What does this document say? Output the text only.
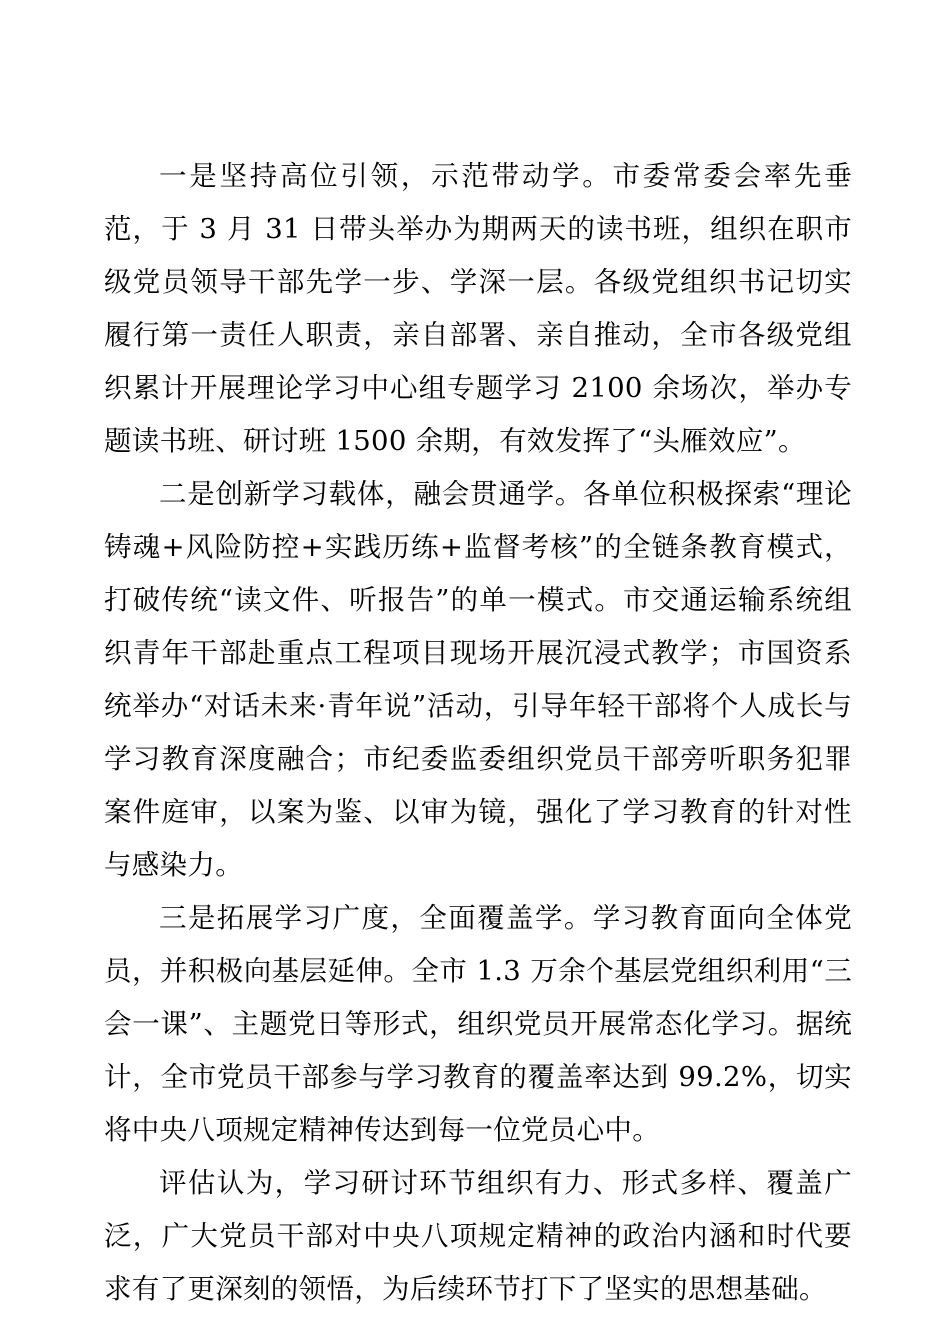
一是坚持高位引领，示范带动学。市委常委会率先垂范，于 3 月 31 日带头举办为期两天的读书班，组织在职市级党员领导干部先学一步、学深一层。各级党组织书记切实履行第一责任人职责，亲自部署、亲自推动，全市各级党组织累计开展理论学习中心组专题学习 2100 余场次，举办专题读书班、研讨班 1500 余期，有效发挥了“头雁效应”。

二是创新学习载体，融会贯通学。各单位积极探索“理论铸魂+风险防控+实践历练+监督考核”的全链条教育模式，打破传统“读文件、听报告”的单一模式。市交通运输系统组织青年干部赴重点工程项目现场开展沉浸式教学；市国资系统举办“对话未来·青年说”活动，引导年轻干部将个人成长与学习教育深度融合；市纪委监委组织党员干部旁听职务犯罪案件庭审，以案为鉴、以审为镜，强化了学习教育的针对性与感染力。

三是拓展学习广度，全面覆盖学。学习教育面向全体党员，并积极向基层延伸。全市 1.3 万余个基层党组织利用“三会一课”、主题党日等形式，组织党员开展常态化学习。据统计，全市党员干部参与学习教育的覆盖率达到 99.2%，切实将中央八项规定精神传达到每一位党员心中。

评估认为，学习研讨环节组织有力、形式多样、覆盖广泛，广大党员干部对中央八项规定精神的政治内涵和时代要求有了更深刻的领悟，为后续环节打下了坚实的思想基础。
